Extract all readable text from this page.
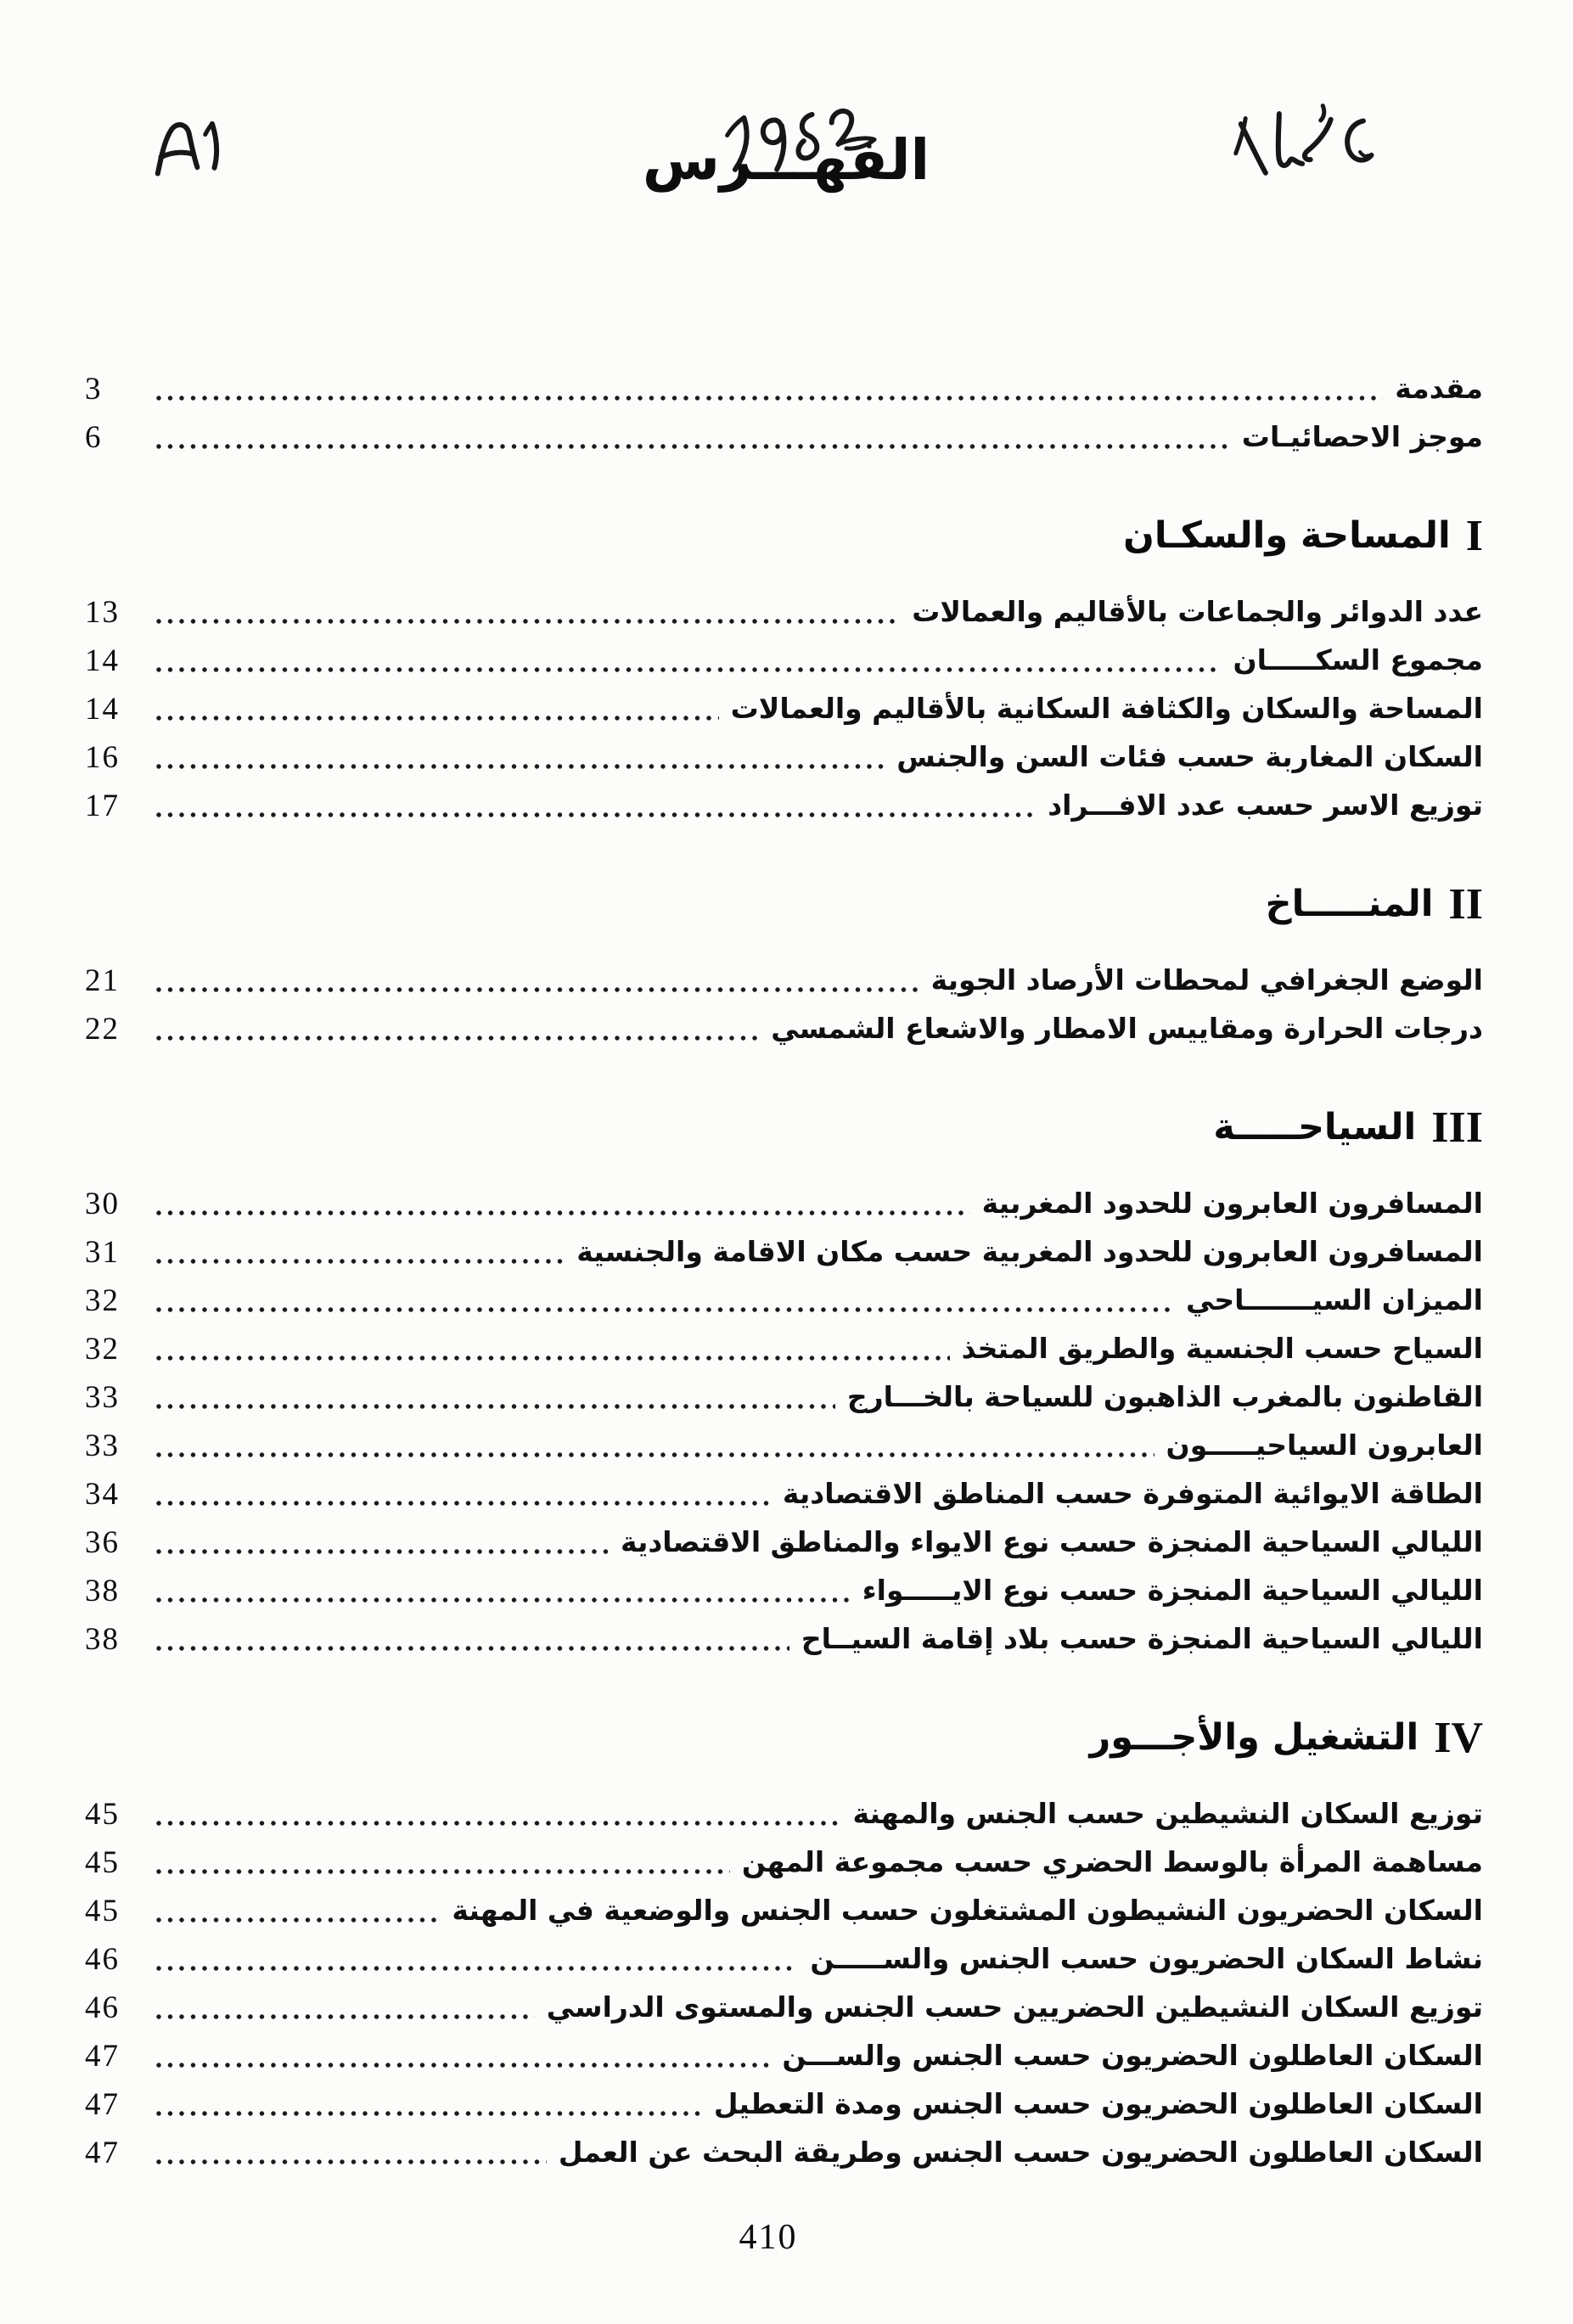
الفهـــرس
مقدمة
3
موجز الاحصائيـات
6
I
المساحة والسكـان
عدد الدوائر والجماعات بالأقاليم والعمالات
13
مجموع السكـــــان
14
المساحة والسكان والكثافة السكانية بالأقاليم والعمالات
14
السكان المغاربة حسب فئات السن والجنس
16
توزيع الاسر حسب عدد الافـــراد
17
II
المنـــــاخ
الوضع الجغرافي لمحطات الأرصاد الجوية
21
درجات الحرارة ومقاييس الامطار والاشعاع الشمسي
22
III
السياحـــــة
المسافرون العابرون للحدود المغربية
30
المسافرون العابرون للحدود المغربية حسب مكان الاقامة والجنسية
31
الميزان السيـــــــاحي
32
السياح حسب الجنسية والطريق المتخذ
32
القاطنون بالمغرب الذاهبون للسياحة بالخـــارج
33
العابرون السياحيـــــون
33
الطاقة الايوائية المتوفرة حسب المناطق الاقتصادية
34
الليالي السياحية المنجزة حسب نوع الايواء والمناطق الاقتصادية
36
الليالي السياحية المنجزة حسب نوع الايـــــواء
38
الليالي السياحية المنجزة حسب بلاد إقامة السيــاح
38
IV
التشغيل والأجـــور
توزيع السكان النشيطين حسب الجنس والمهنة
45
مساهمة المرأة بالوسط الحضري حسب مجموعة المهن
45
السكان الحضريون النشيطون المشتغلون حسب الجنس والوضعية في المهنة
45
نشاط السكان الحضريون حسب الجنس والســـــن
46
توزيع السكان النشيطين الحضريين حسب الجنس والمستوى الدراسي
46
السكان العاطلون الحضريون حسب الجنس والســـن
47
السكان العاطلون الحضريون حسب الجنس ومدة التعطيل
47
السكان العاطلون الحضريون حسب الجنس وطريقة البحث عن العمل
47
410
